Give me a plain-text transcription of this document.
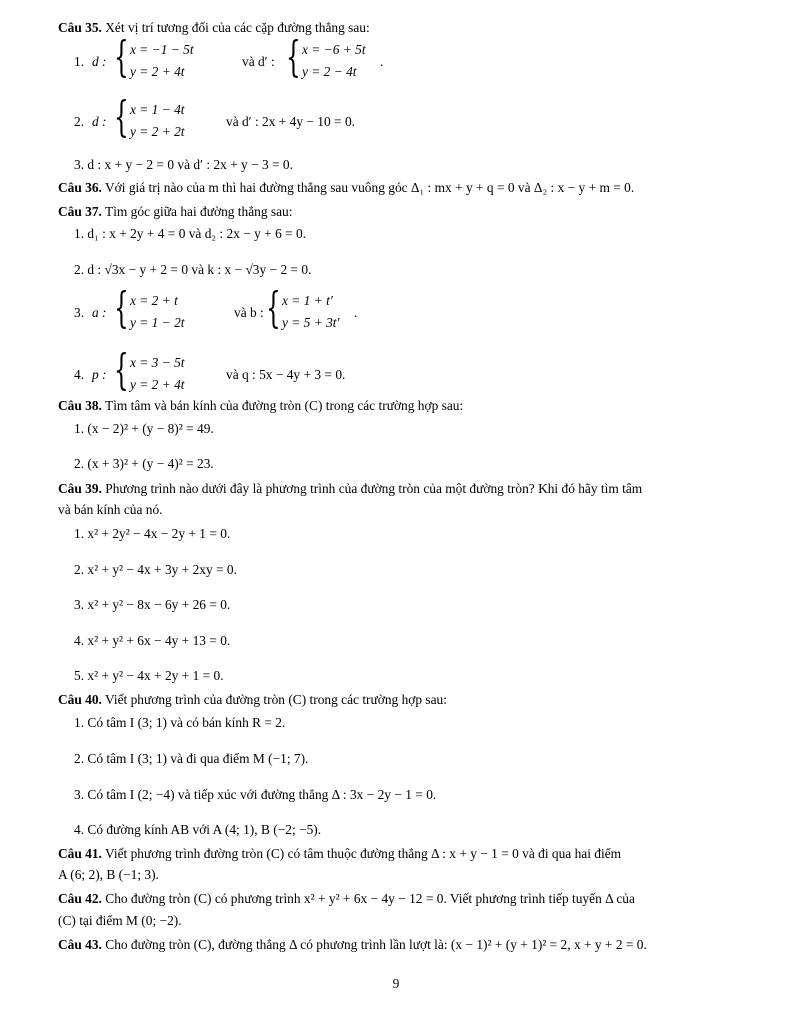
Câu 35. Xét vị trí tương đối của các cặp đường thẳng sau:
1. d : { x = −1 − 5t
y = 2 + 4t
và d′ : { x = −6 + 5t
y = 2 − 4t
.
2. d : { x = 1 − 4t
y = 2 + 2t
và d′ : 2x + 4y − 10 = 0.
3. d : x + y − 2 = 0 và d′ : 2x + y − 3 = 0.
Câu 36. Với giá trị nào của m thì hai đường thẳng sau vuông góc Δ₁ : mx + y + q = 0 và Δ₂ : x − y + m = 0.
Câu 37. Tìm góc giữa hai đường thẳng sau:
1. d₁ : x + 2y + 4 = 0 và d₂ : 2x − y + 6 = 0.
2. d : √3x − y + 2 = 0 và k : x − √3y − 2 = 0.
3. a : { x = 2 + t
y = 1 − 2t
và b : { x = 1 + t′
y = 5 + 3t′
.
4. p : { x = 3 − 5t
y = 2 + 4t
và q : 5x − 4y + 3 = 0.
Câu 38. Tìm tâm và bán kính của đường tròn (C) trong các trường hợp sau:
1. (x − 2)² + (y − 8)² = 49.
2. (x + 3)² + (y − 4)² = 23.
Câu 39. Phương trình nào dưới đây là phương trình của đường tròn của một đường tròn? Khi đó hãy tìm tâm
và bán kính của nó.
1. x² + 2y² − 4x − 2y + 1 = 0.
2. x² + y² − 4x + 3y + 2xy = 0.
3. x² + y² − 8x − 6y + 26 = 0.
4. x² + y² + 6x − 4y + 13 = 0.
5. x² + y² − 4x + 2y + 1 = 0.
Câu 40. Viết phương trình của đường tròn (C) trong các trường hợp sau:
1. Có tâm I (3; 1) và có bán kính R = 2.
2. Có tâm I (3; 1) và đi qua điểm M (−1; 7).
3. Có tâm I (2; −4) và tiếp xúc với đường thẳng Δ : 3x − 2y − 1 = 0.
4. Có đường kính AB với A (4; 1), B (−2; −5).
Câu 41. Viết phương trình đường tròn (C) có tâm thuộc đường thẳng Δ : x + y − 1 = 0 và đi qua hai điểm
A (6; 2), B (−1; 3).
Câu 42. Cho đường tròn (C) có phương trình x² + y² + 6x − 4y − 12 = 0. Viết phương trình tiếp tuyến Δ của
(C) tại điểm M (0; −2).
Câu 43. Cho đường tròn (C), đường thẳng Δ có phương trình lần lượt là: (x − 1)² + (y + 1)² = 2, x + y + 2 = 0.
9
